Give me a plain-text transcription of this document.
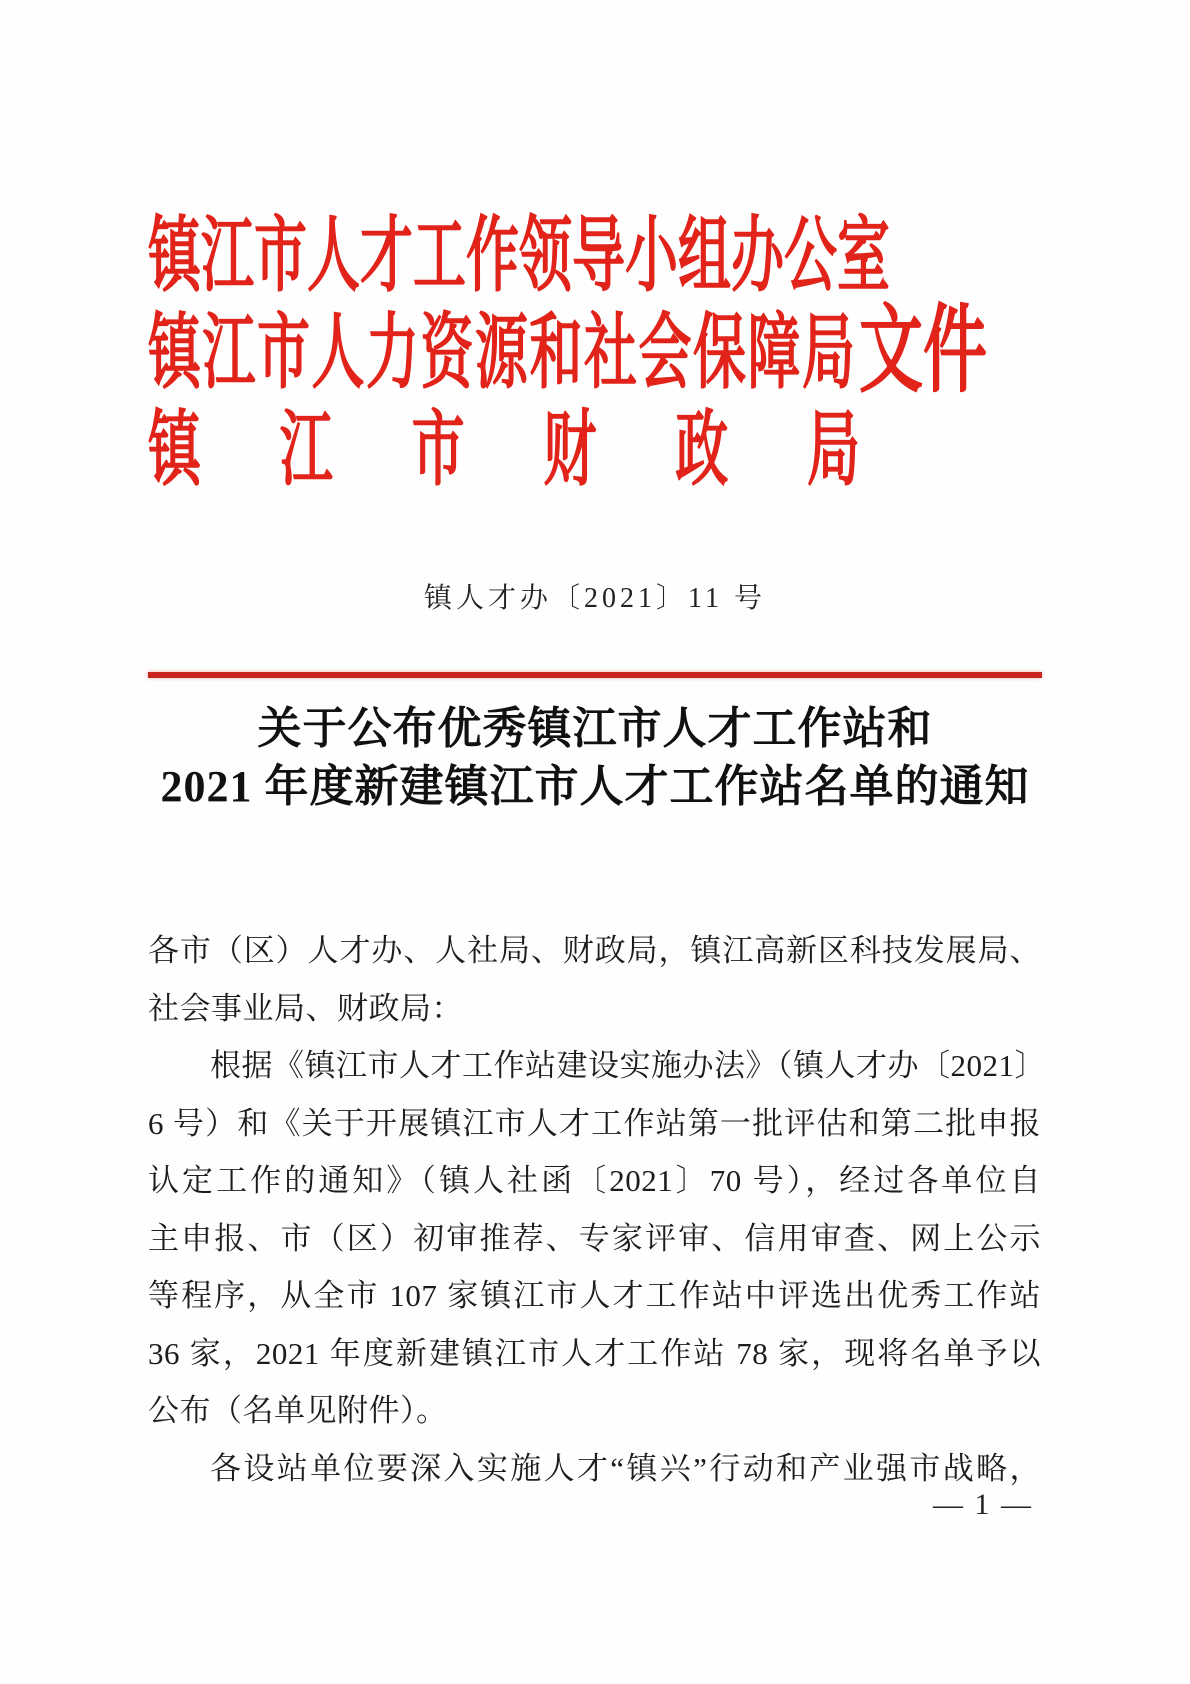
镇江市人才工作领导小组办公室
镇江市人力资源和社会保障局 文件
镇江市财政局
镇人才办〔2021〕11 号
关于公布优秀镇江市人才工作站和
2021 年度新建镇江市人才工作站名单的通知
各市（区）人才办、人社局、财政局，镇江高新区科技发展局、
社会事业局、财政局：
根据《镇江市人才工作站建设实施办法》（镇人才办〔2021〕
6 号）和《关于开展镇江市人才工作站第一批评估和第二批申报
认定工作的通知》（镇人社函〔2021〕70 号），经过各单位自
主申报、市（区）初审推荐、专家评审、信用审查、网上公示
等程序，从全市 107 家镇江市人才工作站中评选出优秀工作站
36 家，2021 年度新建镇江市人才工作站 78 家，现将名单予以
公布（名单见附件）。
各设站单位要深入实施人才“镇兴”行动和产业强市战略，
— 1 —
